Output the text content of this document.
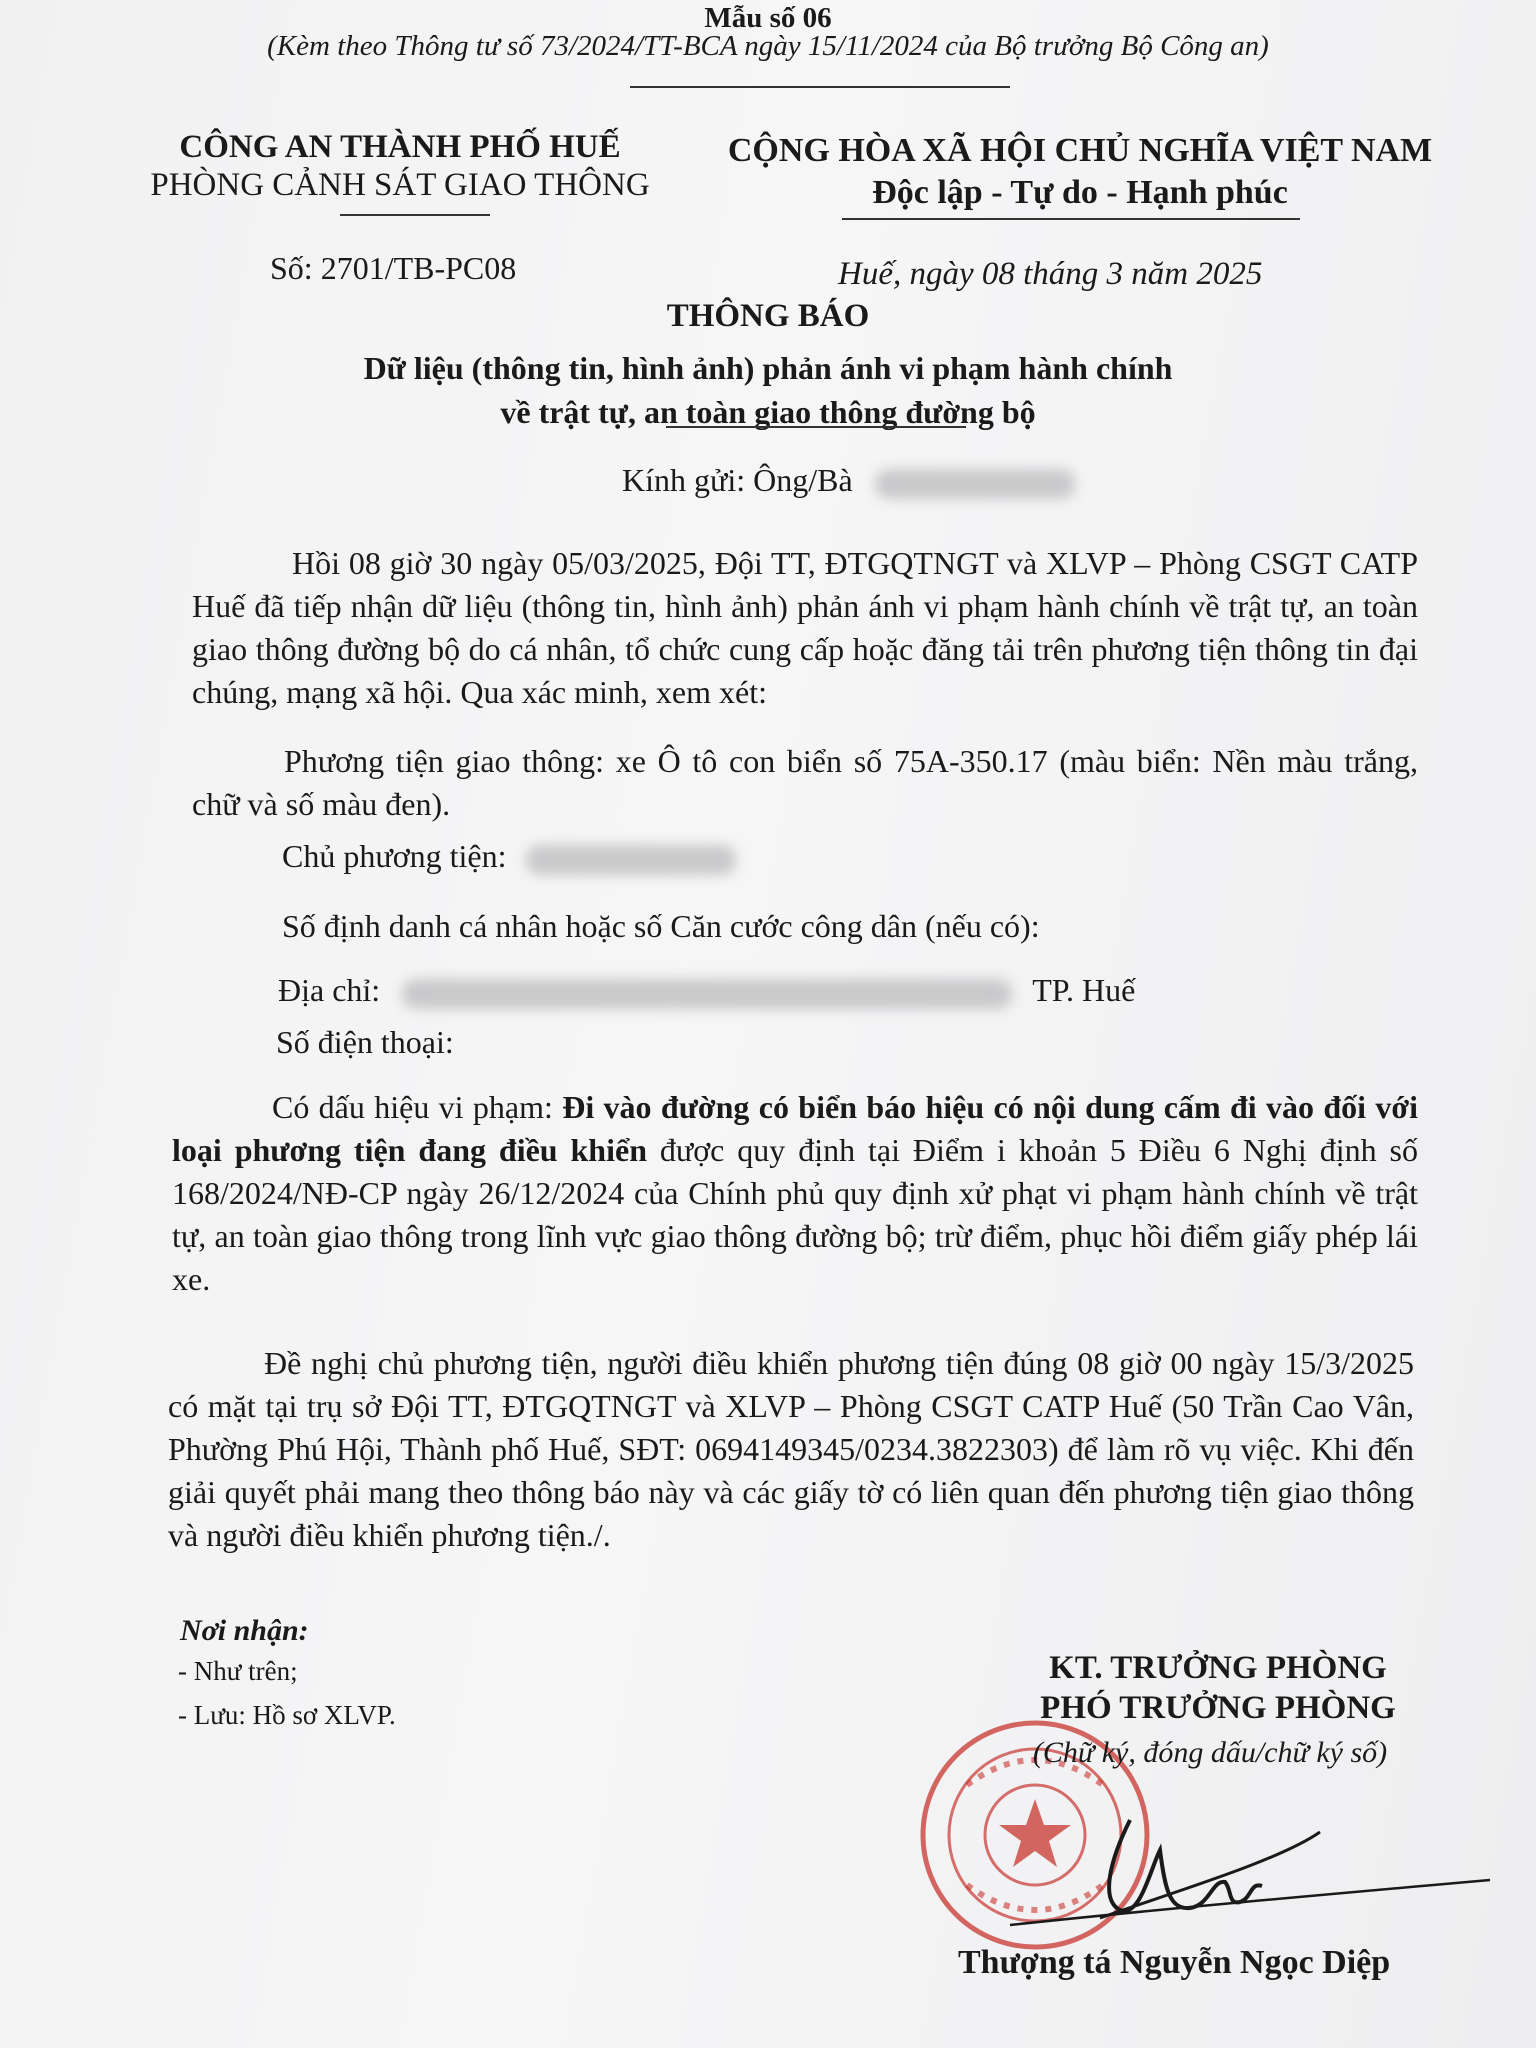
Mẫu số 06
(Kèm theo Thông tư số 73/2024/TT-BCA ngày 15/11/2024 của Bộ trưởng Bộ Công an)
CÔNG AN THÀNH PHỐ HUẾ
PHÒNG CẢNH SÁT GIAO THÔNG
CỘNG HÒA XÃ HỘI CHỦ NGHĨA VIỆT NAM
Độc lập - Tự do - Hạnh phúc
Số: 2701/TB-PC08	Huế, ngày 08 tháng 3 năm 2025
THÔNG BÁO
Dữ liệu (thông tin, hình ảnh) phản ánh vi phạm hành chính
về trật tự, an toàn giao thông đường bộ
Kính gửi: Ông/Bà
Hồi 08 giờ 30 ngày 05/03/2025, Đội TT, ĐTGQTNGT và XLVP – Phòng CSGT CATP Huế đã tiếp nhận dữ liệu (thông tin, hình ảnh) phản ánh vi phạm hành chính về trật tự, an toàn giao thông đường bộ do cá nhân, tổ chức cung cấp hoặc đăng tải trên phương tiện thông tin đại chúng, mạng xã hội. Qua xác minh, xem xét:
Phương tiện giao thông: xe Ô tô con biển số 75A-350.17 (màu biển: Nền màu trắng, chữ và số màu đen).
Chủ phương tiện:
Số định danh cá nhân hoặc số Căn cước công dân (nếu có):
Địa chỉ:	TP. Huế
Số điện thoại:
Có dấu hiệu vi phạm: Đi vào đường có biển báo hiệu có nội dung cấm đi vào đối với loại phương tiện đang điều khiển được quy định tại Điểm i khoản 5 Điều 6 Nghị định số 168/2024/NĐ-CP ngày 26/12/2024 của Chính phủ quy định xử phạt vi phạm hành chính về trật tự, an toàn giao thông trong lĩnh vực giao thông đường bộ; trừ điểm, phục hồi điểm giấy phép lái xe.
Đề nghị chủ phương tiện, người điều khiển phương tiện đúng 08 giờ 00 ngày 15/3/2025 có mặt tại trụ sở Đội TT, ĐTGQTNGT và XLVP – Phòng CSGT CATP Huế (50 Trần Cao Vân, Phường Phú Hội, Thành phố Huế, SĐT: 0694149345/0234.3822303) để làm rõ vụ việc. Khi đến giải quyết phải mang theo thông báo này và các giấy tờ có liên quan đến phương tiện giao thông và người điều khiển phương tiện./.
Nơi nhận:
- Như trên;
- Lưu: Hồ sơ XLVP.
KT. TRƯỞNG PHÒNG
PHÓ TRƯỞNG PHÒNG
(Chữ ký, đóng dấu/chữ ký số)
Thượng tá Nguyễn Ngọc Diệp
